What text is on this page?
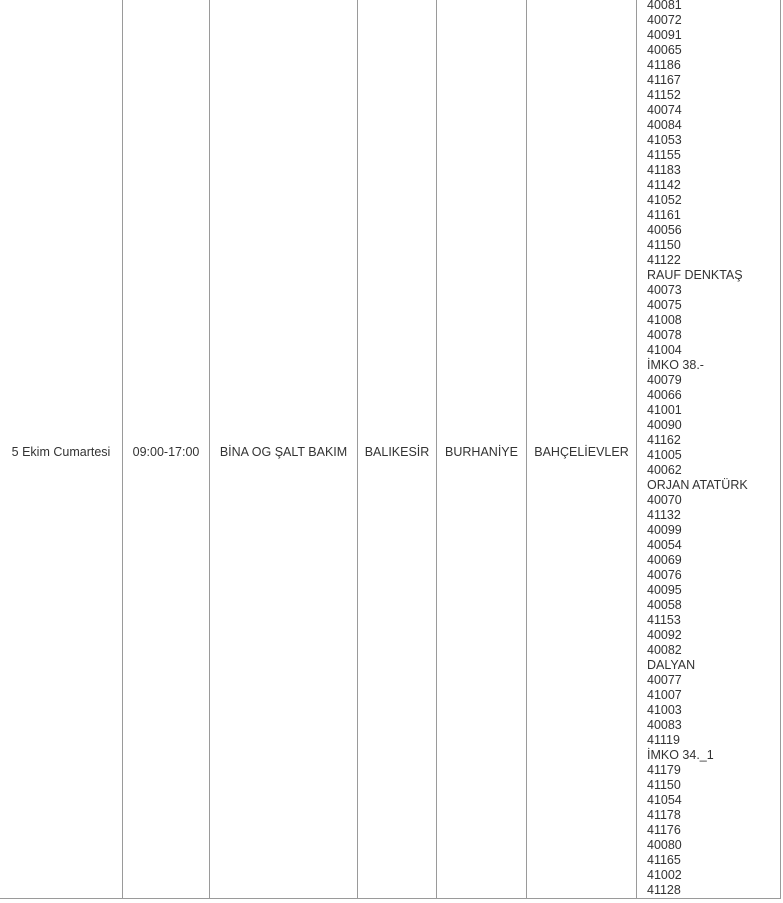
5 Ekim Cumartesi	09:00-17:00	BİNA OG ŞALT BAKIM	BALIKESİR	BURHANİYE	BAHÇELİEVLER

40081
40072
40091
40065
41186
41167
41152
40074
40084
41053
41155
41183
41142
41052
41161
40056
41150
41122
RAUF DENKTAŞ
40073
40075
41008
40078
41004
İMKO 38.-
40079
40066
41001
40090
41162
41005
40062
ORJAN ATATÜRK
40070
41132
40099
40054
40069
40076
40095
40058
41153
40092
40082
DALYAN
40077
41007
41003
40083
41119
İMKO 34._1
41179
41150
41054
41178
41176
40080
41165
41002
41128
